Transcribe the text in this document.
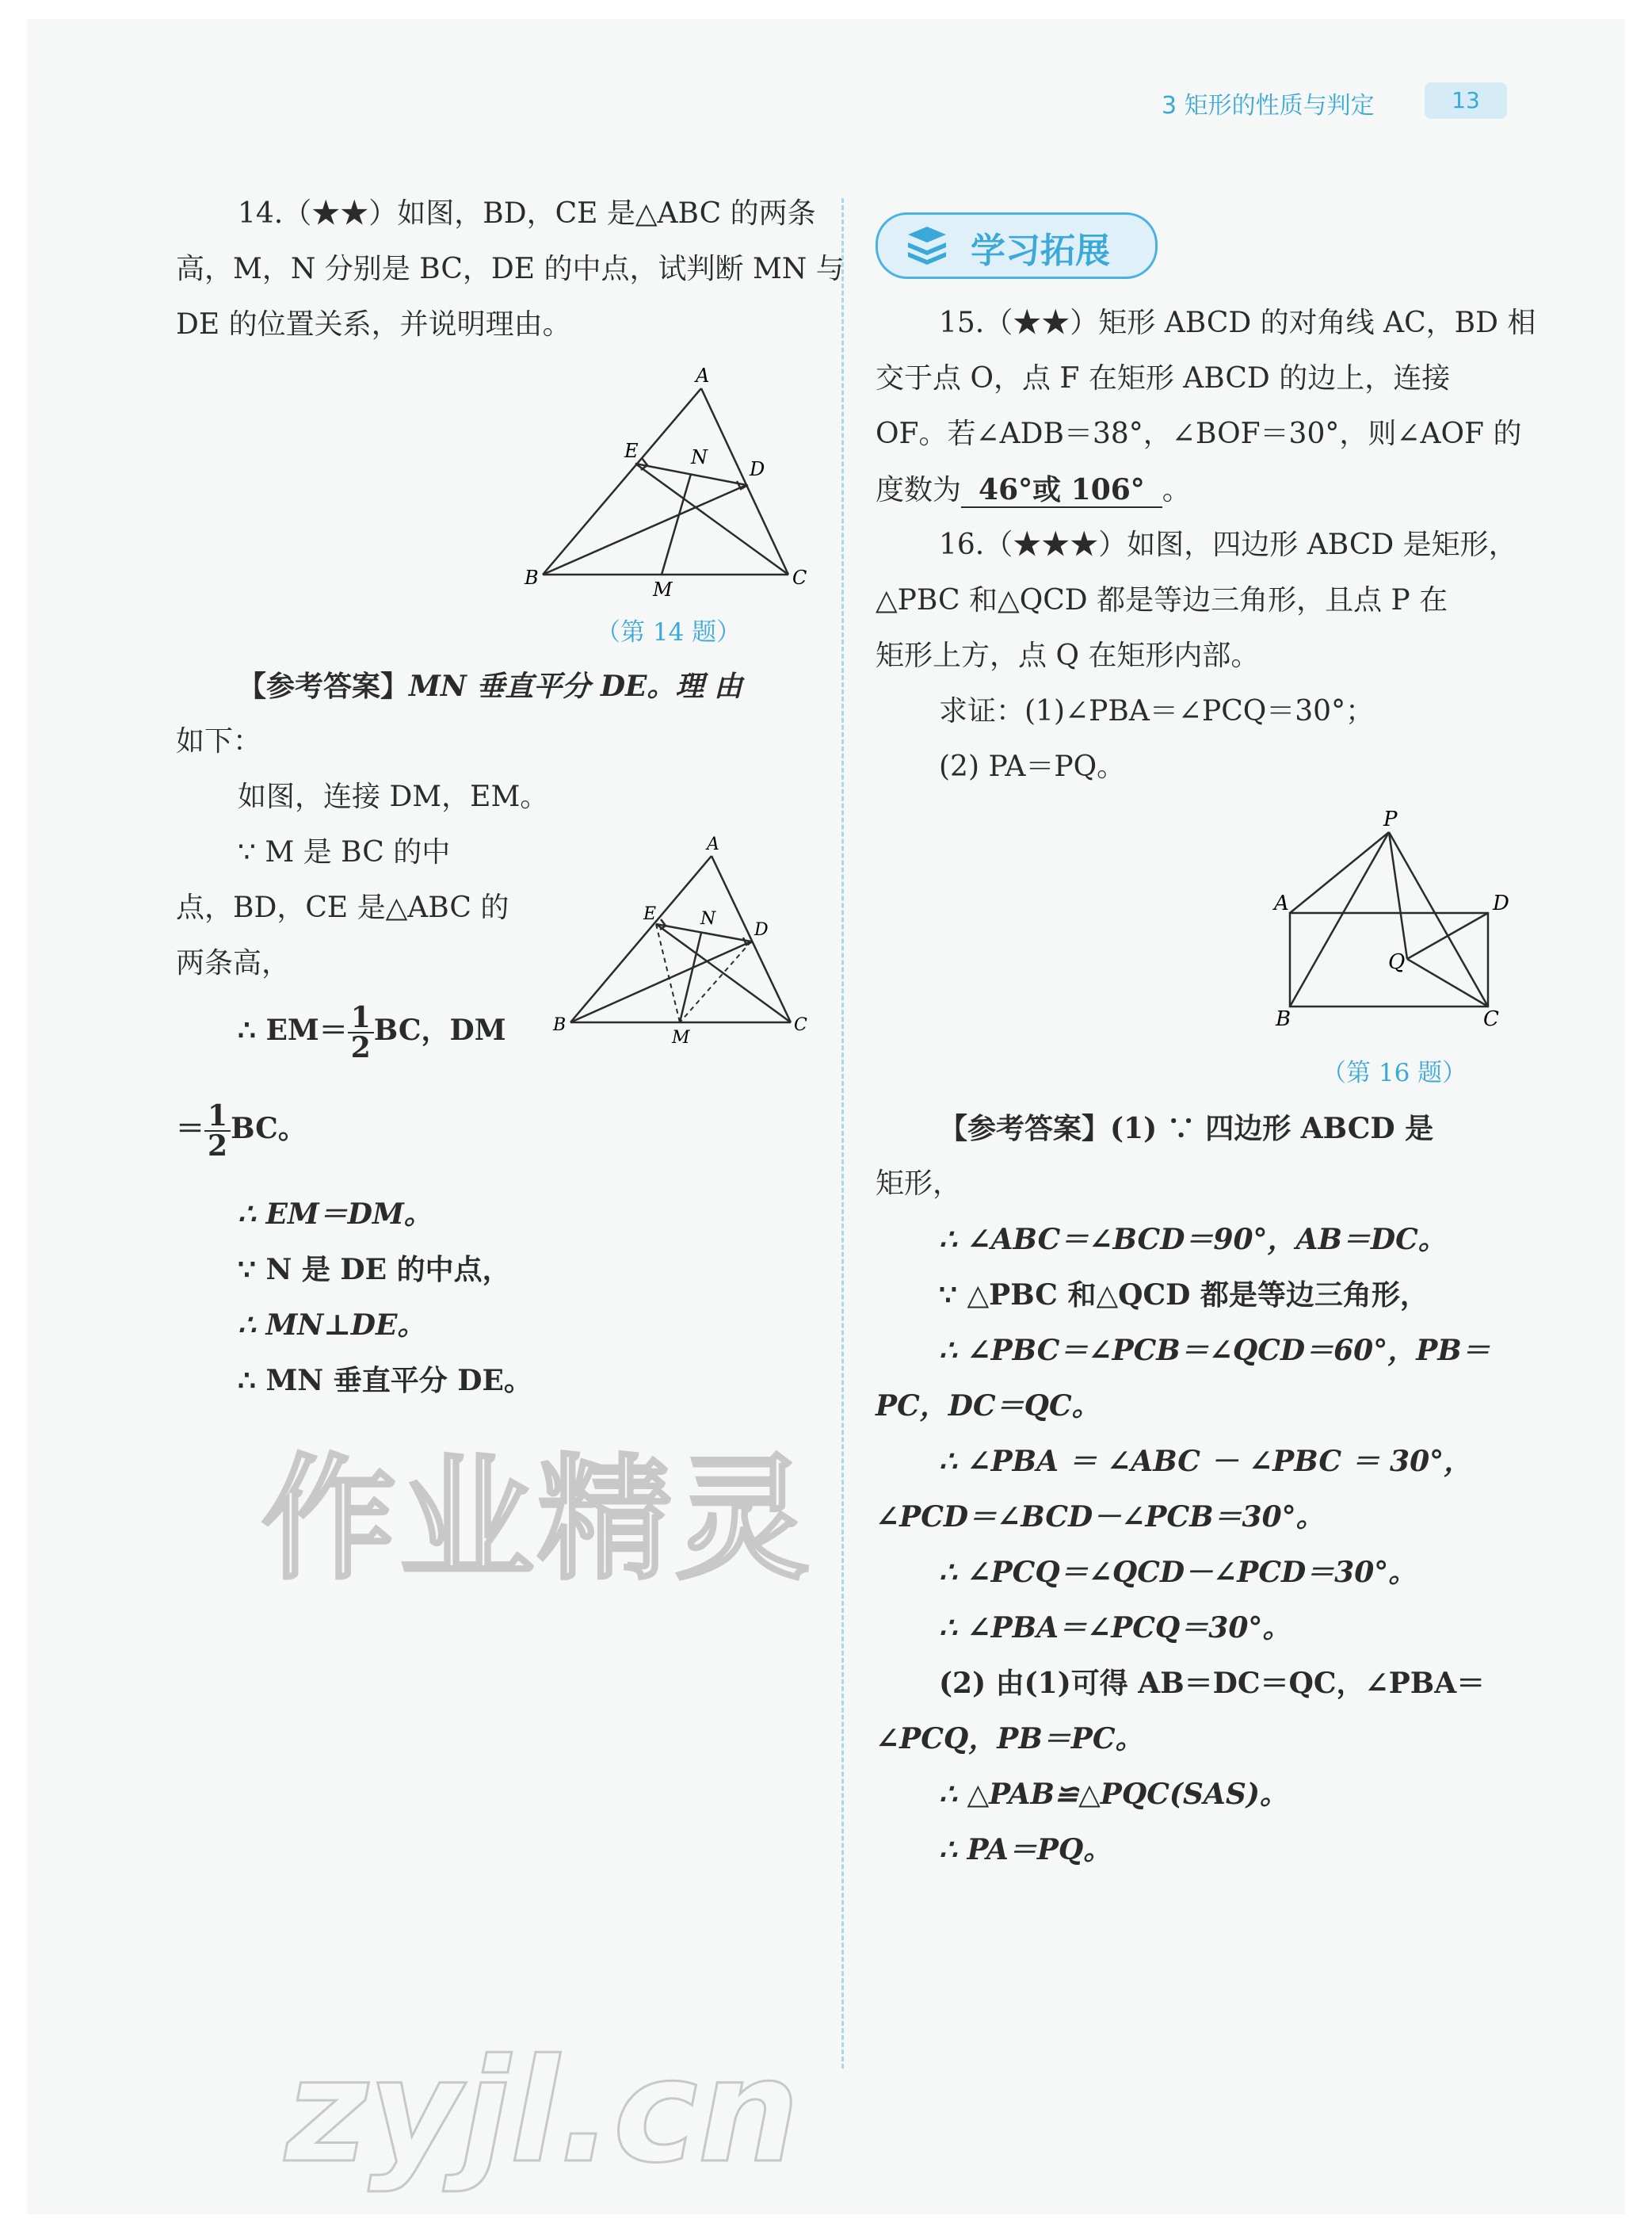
3 矩形的性质与判定	13
14.（★★）如图，BD，CE 是△ABC 的两条
高，M，N 分别是 BC，DE 的中点，试判断 MN 与
DE 的位置关系，并说明理由。
A
E	N
D
B
M
C
（第 14 题）
【参考答案】MN 垂直平分 DE。理 由
如下：
如图，连接 DM，EM。
∵ M 是 BC 的中
点，BD，CE 是△ABC 的
两条高，
∴ $EM= \frac{1}{2}$ BC，DM
＝ $\frac{1}{2}$ BC。
A
E	N
D
B
M
C
∴ EM＝DM。
∵ N 是 DE 的中点，
∴ MN⊥DE。
∴ MN 垂直平分 DE。
作业精灵
zyjl.cn
学习拓展
15.（★★）矩形 ABCD 的对角线 AC，BD 相
交于点 O，点 F 在矩形 ABCD 的边上，连接
OF。若∠ADB＝38°，∠BOF＝30°，则∠AOF 的
度数为 46°或 106° 。
16.（★★★）如图，四边形 ABCD 是矩形，
△PBC 和△QCD 都是等边三角形，且点 P 在
矩形上方，点 Q 在矩形内部。
求证：(1)∠PBA＝∠PCQ＝30°；
(2) PA＝PQ。
P
A	D
Q
B	C
（第 16 题）
【参考答案】(1) ∵ 四边形 ABCD 是
矩形，
∴ ∠ABC＝∠BCD＝90°，AB＝DC。
∵ △PBC 和△QCD 都是等边三角形，
∴ ∠PBC＝∠PCB＝∠QCD＝60°，PB＝
PC，DC＝QC。
∴ ∠PBA ＝ ∠ABC － ∠PBC ＝ 30°，
∠PCD＝∠BCD－∠PCB＝30°。
∴ ∠PCQ＝∠QCD－∠PCD＝30°。
∴ ∠PBA＝∠PCQ＝30°。
(2) 由(1)可得 AB＝DC＝QC，∠PBA＝
∠PCQ，PB＝PC。
∴ △PAB≌△PQC(SAS)。
∴ PA＝PQ。
